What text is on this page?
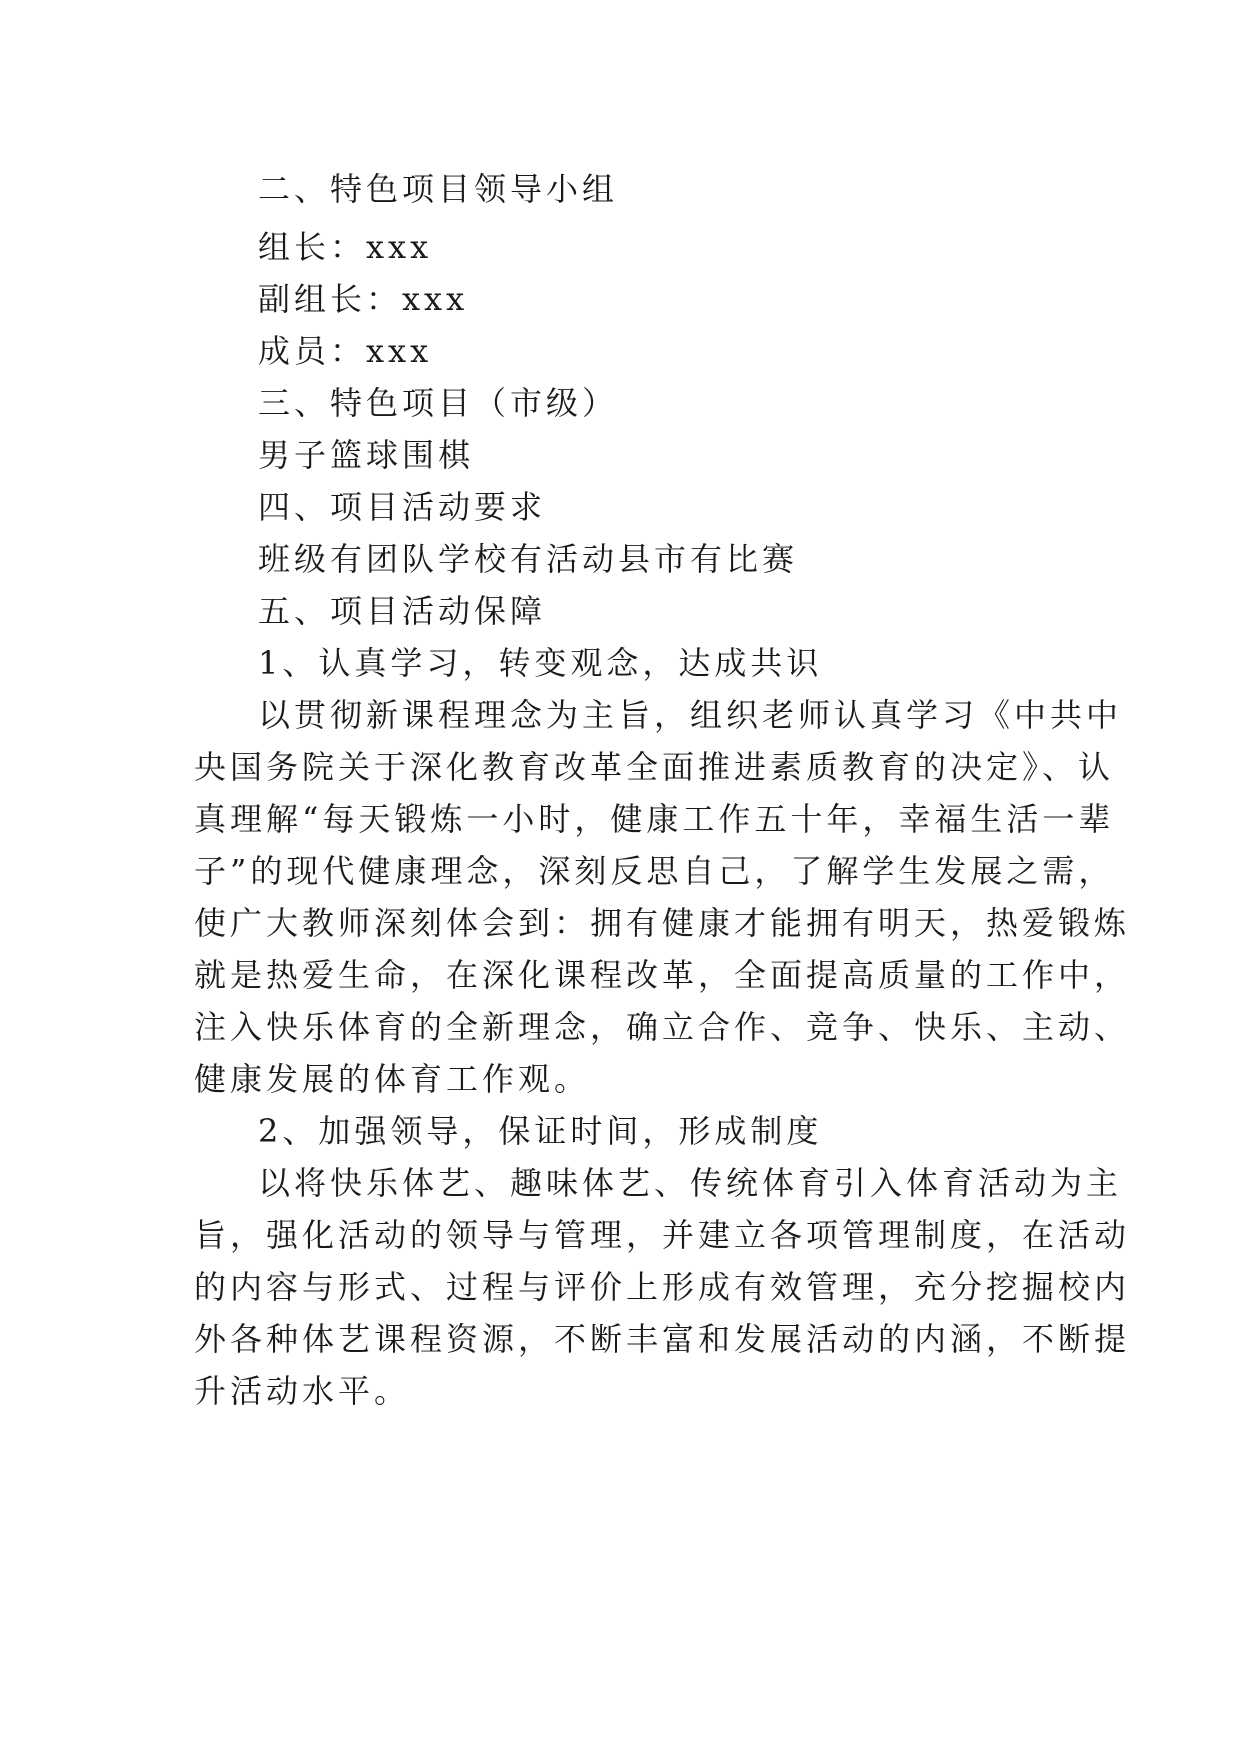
二、特色项目领导小组
组长：xxx
副组长：xxx
成员：xxx
三、特色项目（市级）
男子篮球围棋
四、项目活动要求
班级有团队学校有活动县市有比赛
五、项目活动保障
1、认真学习，转变观念，达成共识
以贯彻新课程理念为主旨，组织老师认真学习《中共中
央国务院关于深化教育改革全面推进素质教育的决定》、认
真理解“每天锻炼一小时，健康工作五十年，幸福生活一辈
子”的现代健康理念，深刻反思自己，了解学生发展之需，
使广大教师深刻体会到：拥有健康才能拥有明天，热爱锻炼
就是热爱生命，在深化课程改革，全面提高质量的工作中，
注入快乐体育的全新理念，确立合作、竞争、快乐、主动、
健康发展的体育工作观。
2、加强领导，保证时间，形成制度
以将快乐体艺、趣味体艺、传统体育引入体育活动为主
旨，强化活动的领导与管理，并建立各项管理制度，在活动
的内容与形式、过程与评价上形成有效管理，充分挖掘校内
外各种体艺课程资源，不断丰富和发展活动的内涵，不断提
升活动水平。
